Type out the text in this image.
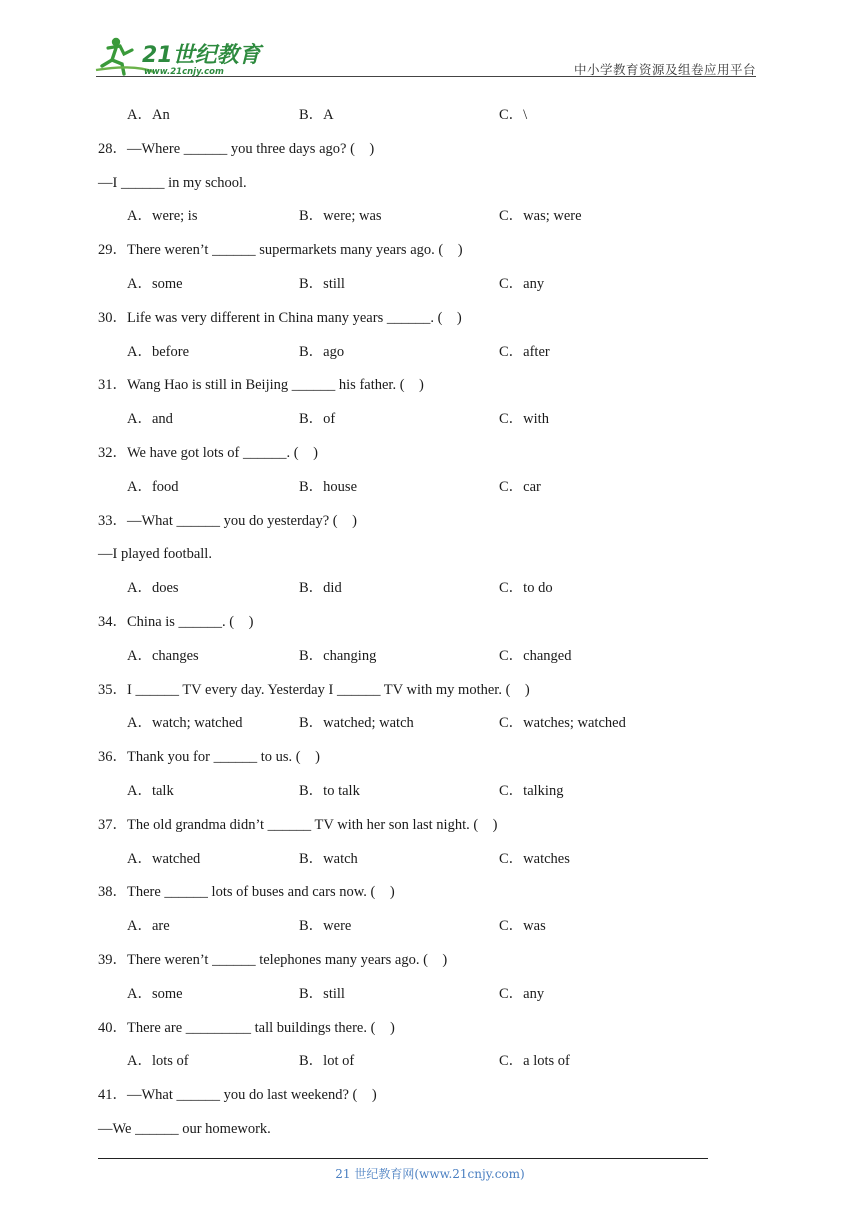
21世纪教育
www.21cnjy.com	中小学教育资源及组卷应用平台
A．An	B．A	C．\
28．—Where ______ you three days ago? (    )
—I ______ in my school.
A．were; is	B．were; was	C．was; were
29．There weren’t ______ supermarkets many years ago. (    )
A．some	B．still	C．any
30．Life was very different in China many years ______. (    )
A．before	B．ago	C．after
31．Wang Hao is still in Beijing ______ his father. (    )
A．and	B．of	C．with
32．We have got lots of ______. (    )
A．food	B．house	C．car
33．—What ______ you do yesterday? (    )
—I played football.
A．does	B．did	C．to do
34．China is ______. (    )
A．changes	B．changing	C．changed
35．I ______ TV every day. Yesterday I ______ TV with my mother. (    )
A．watch; watched	B．watched; watch	C．watches; watched
36．Thank you for ______ to us. (    )
A．talk	B．to talk	C．talking
37．The old grandma didn’t ______ TV with her son last night. (    )
A．watched	B．watch	C．watches
38．There ______ lots of buses and cars now. (    )
A．are	B．were	C．was
39．There weren’t ______ telephones many years ago. (    )
A．some	B．still	C．any
40．There are _________ tall buildings there. (    )
A．lots of	B．lot of	C．a lots of
41．—What ______ you do last weekend? (    )
—We ______ our homework.
21 世纪教育网(www.21cnjy.com)
